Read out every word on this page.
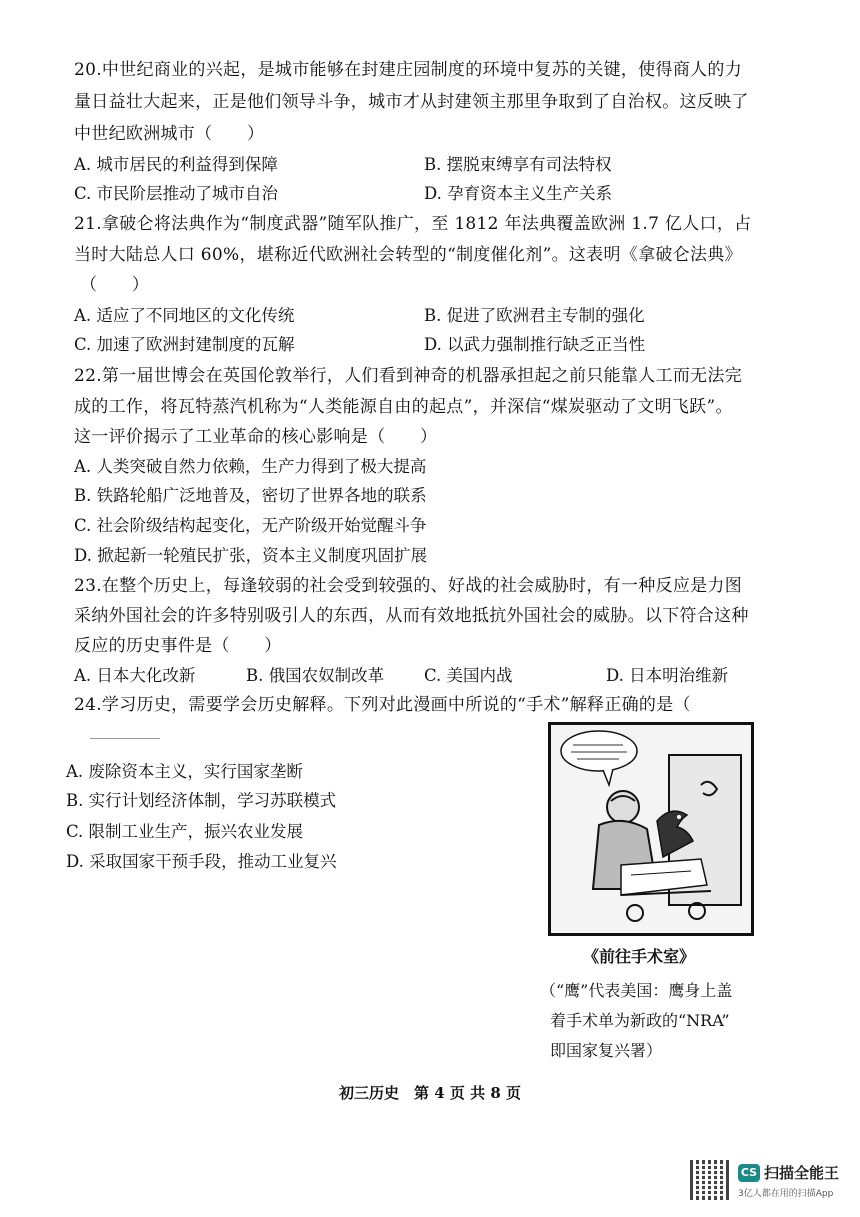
20.中世纪商业的兴起，是城市能够在封建庄园制度的环境中复苏的关键，使得商人的力
量日益壮大起来，正是他们领导斗争，城市才从封建领主那里争取到了自治权。这反映了
中世纪欧洲城市（　　）
A. 城市居民的利益得到保障	B. 摆脱束缚享有司法特权
C. 市民阶层推动了城市自治	D. 孕育资本主义生产关系
21.拿破仑将法典作为“制度武器”随军队推广，至 1812 年法典覆盖欧洲 1.7 亿人口，占
当时大陆总人口 60%，堪称近代欧洲社会转型的“制度催化剂”。这表明《拿破仑法典》
（　　）
A. 适应了不同地区的文化传统	B. 促进了欧洲君主专制的强化
C. 加速了欧洲封建制度的瓦解	D. 以武力强制推行缺乏正当性
22.第一届世博会在英国伦敦举行，人们看到神奇的机器承担起之前只能靠人工而无法完
成的工作，将瓦特蒸汽机称为“人类能源自由的起点”，并深信“煤炭驱动了文明飞跃”。
这一评价揭示了工业革命的核心影响是（　　）
A. 人类突破自然力依赖，生产力得到了极大提高
B. 铁路轮船广泛地普及，密切了世界各地的联系
C. 社会阶级结构起变化，无产阶级开始觉醒斗争
D. 掀起新一轮殖民扩张，资本主义制度巩固扩展
23.在整个历史上，每逢较弱的社会受到较强的、好战的社会威胁时，有一种反应是力图
采纳外国社会的许多特别吸引人的东西，从而有效地抵抗外国社会的威胁。以下符合这种
反应的历史事件是（　　）
A. 日本大化改新	B. 俄国农奴制改革 C. 美国内战	D. 日本明治维新
24.学习历史，需要学会历史解释。下列对此漫画中所说的“手术”解释正确的是（
A. 废除资本主义，实行国家垄断
B. 实行计划经济体制，学习苏联模式
C. 限制工业生产，振兴农业发展
D. 采取国家干预手段，推动工业复兴
《前往手术室》
（“鹰”代表美国：鹰身上盖
着手术单为新政的“NRA”
即国家复兴署）
初三历史　第 4 页 共 8 页
CS 扫描全能王
3亿人都在用的扫描App
